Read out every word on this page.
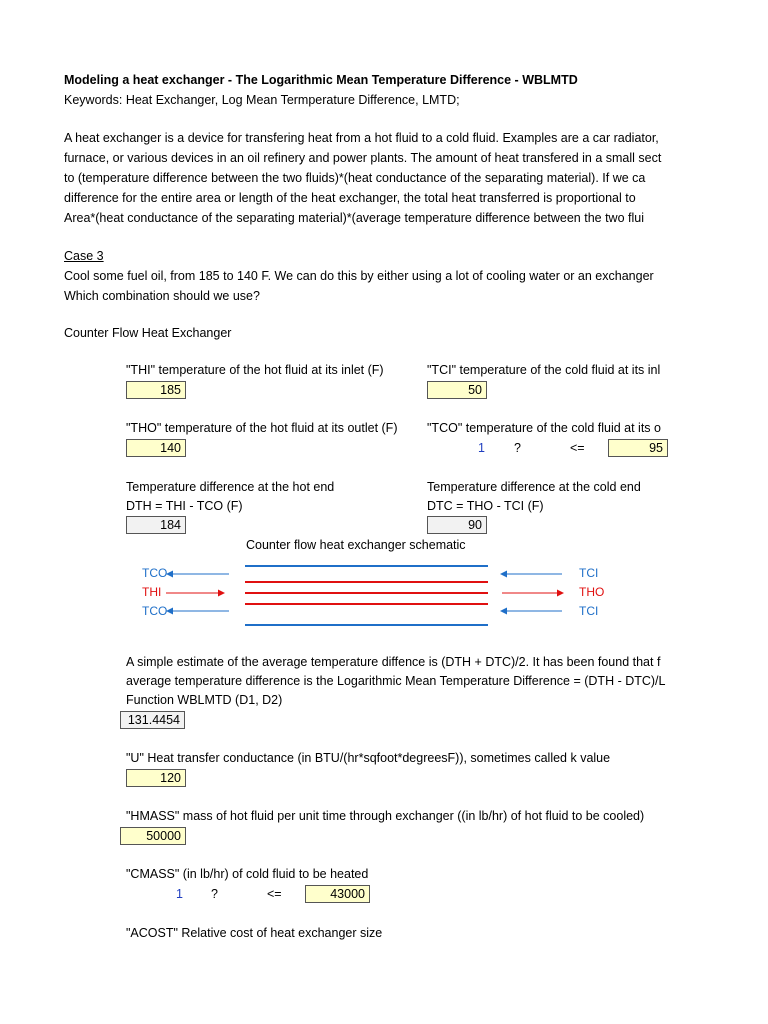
Modeling a heat exchanger - The Logarithmic Mean Temperature Difference - WBLMTD
Keywords: Heat Exchanger, Log Mean Termperature Difference, LMTD;
A heat exchanger is a device for transfering heat from a hot fluid to a cold fluid. Examples are a car radiator,
furnace, or various devices in an oil refinery and power plants. The amount of heat transfered in a small sect
to (temperature difference between the two fluids)*(heat conductance of the separating material). If we ca
difference for the entire area or length of the heat exchanger, the total heat transferred is proportional to
Area*(heat conductance of the separating material)*(average temperature difference between the two flui
Case 3
Cool some fuel oil, from 185 to 140 F. We can do this by either using a lot of cooling water or an exchanger
Which combination should we use?
Counter Flow Heat Exchanger
"THI" temperature of the hot fluid at its inlet (F)
185
"TCI" temperature of the cold fluid at its inl
50
"THO" temperature of the hot fluid at its outlet (F)
140
"TCO" temperature of the cold fluid at its o
1 ?	<=	95
Temperature difference at the hot end
DTH = THI - TCO (F)
184
Temperature difference at the cold end
DTC = THO - TCI (F)
90
Counter flow heat exchanger schematic
TCO
THI
TCO
TCI
THO
TCI
A simple estimate of the average temperature diffence is (DTH + DTC)/2. It has been found that f
average temperature difference is the Logarithmic Mean Temperature Difference = (DTH - DTC)/L
Function WBLMTD (D1, D2)
131.4454
"U" Heat transfer conductance (in BTU/(hr*sqfoot*degreesF)), sometimes called k value
120
"HMASS" mass of hot fluid per unit time through exchanger ((in lb/hr) of hot fluid to be cooled)
50000
"CMASS" (in lb/hr) of cold fluid to be heated
1 ?	<=	43000
"ACOST" Relative cost of heat exchanger size
